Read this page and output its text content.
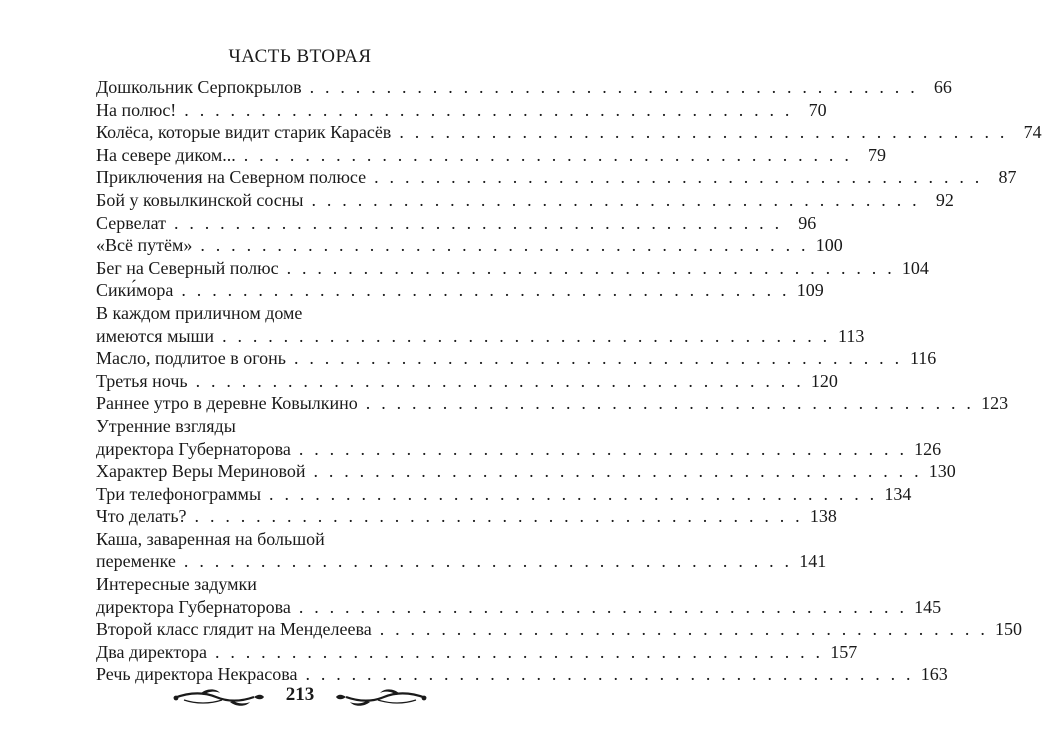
ЧАСТЬ ВТОРАЯ
Дошкольник Серпокрылов . . . . . . . . . . . . . . . . . . . . . . . . . . . . . . . . . . . . . . . . 66
На полюс! . . . . . . . . . . . . . . . . . . . . . . . . . . . . . . . . . . . . . . . . 70
Колёса, которые видит старик Карасёв . . . . . . . . . . . . . . . . . . . . . . . . . . . . . . . . . . . . . . . . 74
На севере диком... . . . . . . . . . . . . . . . . . . . . . . . . . . . . . . . . . . . . . . . . 79
Приключения на Северном полюсе . . . . . . . . . . . . . . . . . . . . . . . . . . . . . . . . . . . . . . . . 87
Бой у ковылкинской сосны . . . . . . . . . . . . . . . . . . . . . . . . . . . . . . . . . . . . . . . . 92
Сервелат . . . . . . . . . . . . . . . . . . . . . . . . . . . . . . . . . . . . . . . . 96
«Всё путём» . . . . . . . . . . . . . . . . . . . . . . . . . . . . . . . . . . . . . . . . 100
Бег на Северный полюс . . . . . . . . . . . . . . . . . . . . . . . . . . . . . . . . . . . . . . . . 104
Сики́мора . . . . . . . . . . . . . . . . . . . . . . . . . . . . . . . . . . . . . . . . 109
В каждом приличном доме
имеются мыши . . . . . . . . . . . . . . . . . . . . . . . . . . . . . . . . . . . . . . . . 113
Масло, подлитое в огонь . . . . . . . . . . . . . . . . . . . . . . . . . . . . . . . . . . . . . . . . 116
Третья ночь . . . . . . . . . . . . . . . . . . . . . . . . . . . . . . . . . . . . . . . . 120
Раннее утро в деревне Ковылкино . . . . . . . . . . . . . . . . . . . . . . . . . . . . . . . . . . . . . . . . 123
Утренние взгляды
директора Губернаторова . . . . . . . . . . . . . . . . . . . . . . . . . . . . . . . . . . . . . . . . 126
Характер Веры Мериновой . . . . . . . . . . . . . . . . . . . . . . . . . . . . . . . . . . . . . . . . 130
Три телефонограммы . . . . . . . . . . . . . . . . . . . . . . . . . . . . . . . . . . . . . . . . 134
Что делать? . . . . . . . . . . . . . . . . . . . . . . . . . . . . . . . . . . . . . . . . 138
Каша, заваренная на большой
переменке . . . . . . . . . . . . . . . . . . . . . . . . . . . . . . . . . . . . . . . . 141
Интересные задумки
директора Губернаторова . . . . . . . . . . . . . . . . . . . . . . . . . . . . . . . . . . . . . . . . 145
Второй класс глядит на Менделеева . . . . . . . . . . . . . . . . . . . . . . . . . . . . . . . . . . . . . . . . 150
Два директора . . . . . . . . . . . . . . . . . . . . . . . . . . . . . . . . . . . . . . . . 157
Речь директора Некрасова . . . . . . . . . . . . . . . . . . . . . . . . . . . . . . . . . . . . . . . . 163
213
